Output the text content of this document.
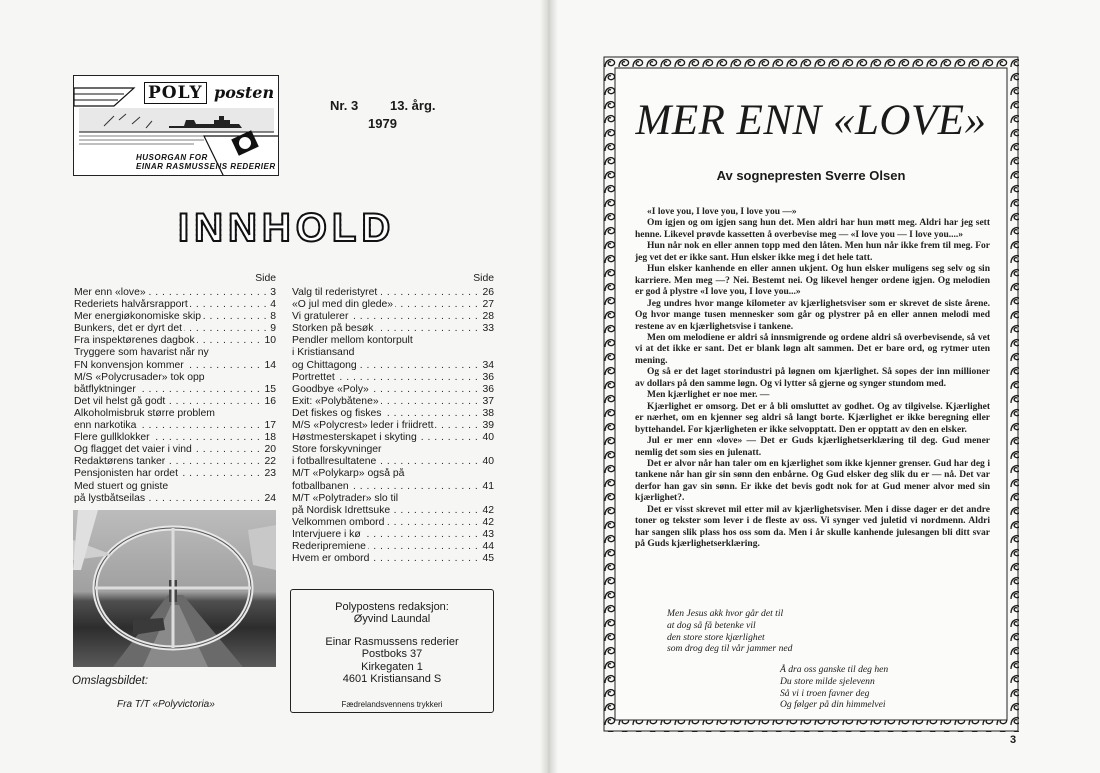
POLY posten
HUSORGAN FOR
EINAR RASMUSSENS REDERIER
Nr. 3 13. årg.
1979
I N N H O L D
Side
Mer enn «love»	3
. . .
Rederiets halvårsrapport	4
. . .
Mer energiøkonomiske skip	8
. . .
Bunkers, det er dyrt det	9
. . .
Fra inspektørenes dagbok	10
. . .
Tryggere som havarist når ny
FN konvensjon kommer	14
. . .
M/S «Polycrusader» tok opp
båtflyktninger	15
. . .
Det vil helst gå godt	16
. . .
Alkoholmisbruk større problem
enn narkotika	17
. . .
Flere gullklokker	18
. . .
Og flagget det vaier i vind	20
. . .
Redaktørens tanker	22
. . .
Pensjonisten har ordet	23
. . .
Med stuert og gniste
på lystbåtseilas	24
. . .
Side
Valg til rederistyret	26
. . .
«O jul med din glede»	27
. . .
Vi gratulerer	28
. . .
Storken på besøk	33
. . .
Pendler mellom kontorpult
i Kristiansand
og Chittagong	34
. . .
Portrettet	36
. . .
Goodbye «Poly»	36
. . .
Exit: «Polybåtene»	37
. . .
Det fiskes og fiskes	38
. . .
M/S «Polycrest» leder i friidrett	39
. . .
Høstmesterskapet i skyting	40
. . .
Store forskyvninger
i fotballresultatene	40
. . .
M/T «Polykarp» også på
fotballbanen	41
. . .
M/T «Polytrader» slo til
på Nordisk Idrettsuke	42
. . .
Velkommen ombord	42
. . .
Intervjuere i kø	43
. . .
Rederipremiene	44
. . .
Hvem er ombord	45
. . .
Omslagsbildet:
Fra T/T «Polyvictoria»
Polypostens redaksjon:
Øyvind Laundal
Einar Rasmussens rederier
Postboks 37
Kirkegaten 1
4601 Kristiansand S
Fædrelandsvennens trykkeri
MER ENN «LOVE»
Av sognepresten Sverre Olsen

«I love you, I love you, I love you —»

Om igjen og om igjen sang hun det. Men aldri har hun møtt meg. Aldri har jeg sett henne. Likevel prøvde kassetten å overbevise meg — «I love you — I love you....»

Hun når nok en eller annen topp med den låten. Men hun når ikke frem til meg. For jeg vet det er ikke sant. Hun elsker ikke meg i det hele tatt.

Hun elsker kanhende en eller annen ukjent. Og hun elsker muligens seg selv og sin karriere. Men meg —? Nei. Bestemt nei. Og likevel henger ordene igjen. Og melodien er god å plystre «I love you, I love you...»

Jeg undres hvor mange kilometer av kjærlighetsviser som er skrevet de siste årene. Og hvor mange tusen mennesker som går og plystrer på en eller annen melodi med restene av en kjærlighetsvise i tankene.

Men om melodiene er aldri så innsmigrende og ordene aldri så overbevisende, så vet vi at det ikke er sant. Det er blank løgn alt sammen. Det er bare ord, og rytmer uten mening.

Og så er det laget storindustri på løgnen om kjærlighet. Så sopes der inn millioner av dollars på den samme løgn. Og vi lytter så gjerne og synger stundom med.

Men kjærlighet er noe mer. —

Kjærlighet er omsorg. Det er å bli omsluttet av godhet. Og av tilgivelse. Kjærlighet er nærhet, om en kjenner seg aldri så langt borte. Kjærlighet er ikke beregning eller byttehandel. For kjærligheten er ikke selvopptatt. Den er opptatt av den en elsker.

Jul er mer enn «love» — Det er Guds kjærlighetserklæring til deg. Gud mener nemlig det som sies en julenatt.

Det er alvor når han taler om en kjærlighet som ikke kjenner grenser. Gud har deg i tankene når han gir sin sønn den enbårne. Og Gud elsker deg slik du er — nå. Det var derfor han gav sin sønn. Er ikke det bevis godt nok for at Gud mener alvor med sin kjærlighet?.

Det er visst skrevet mil etter mil av kjærlighetsviser. Men i disse dager er det andre toner og tekster som lever i de fleste av oss. Vi synger ved juletid vi nordmenn. Aldri har sangen slik plass hos oss som da. Men i år skulle kanhende julesangen bli ditt svar på Guds kjærlighetserklæring.

Men Jesus akk hvor går det til
at dog så få betenke vil
den store store kjærlighet
som drog deg til vår jammer ned
Å dra oss ganske til deg hen
Du store milde sjelevenn
Så vi i troen favner deg
Og følger på din himmelvei
3
